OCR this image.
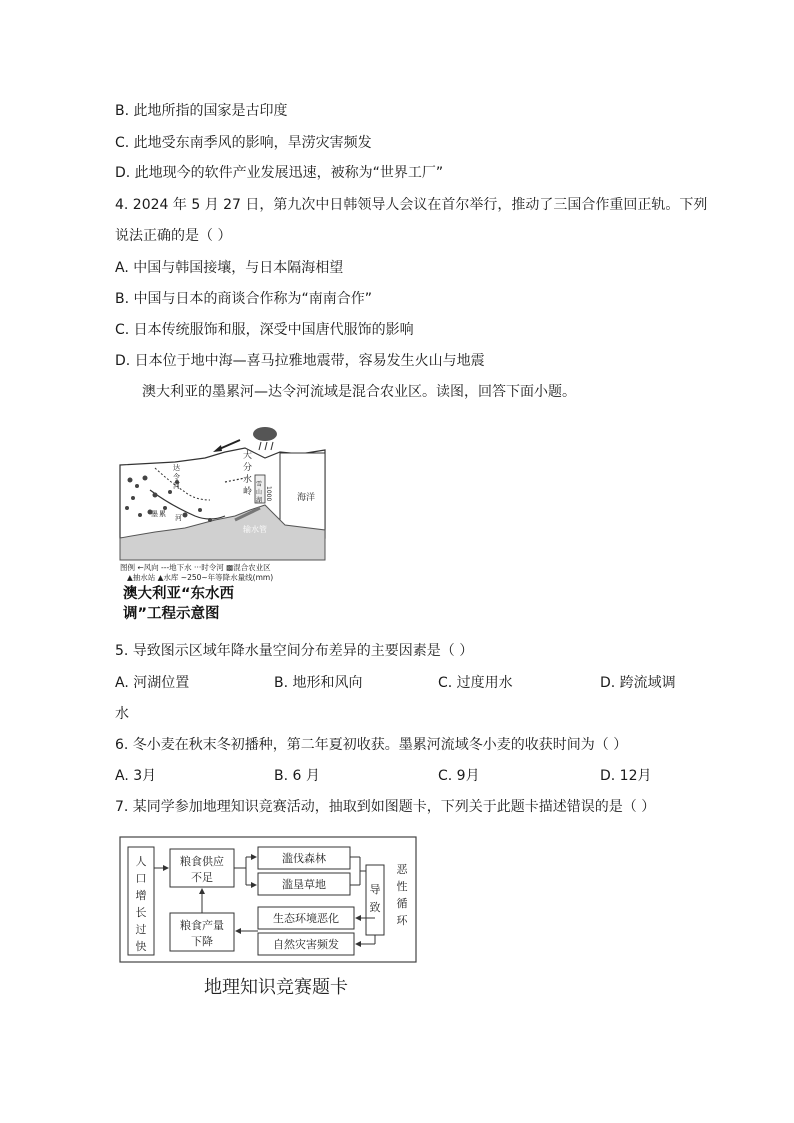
B. 此地所指的国家是古印度
C. 此地受东南季风的影响，旱涝灾害频发
D. 此地现今的软件产业发展迅速，被称为“世界工厂”
4. 2024 年 5 月 27 日，第九次中日韩领导人会议在首尔举行，推动了三国合作重回正轨。下列
说法正确的是（ ）
A. 中国与韩国接壤，与日本隔海相望
B. 中国与日本的商谈合作称为“南南合作”
C. 日本传统服饰和服，深受中国唐代服饰的影响
D. 日本位于地中海—喜马拉雅地震带，容易发生火山与地震
澳大利亚的墨累河—达令河流域是混合农业区。读图，回答下面小题。
大
分
水
岭
海洋
输水管
达
令
河
墨 累 河
雪
山
湖 1000
图例 ←风向 ---地下水 ···时令河 ▩混合农业区
▲抽水站 ▲水库 ~250~年等降水量线(mm)
澳大利亚“东水西
调”工程示意图
5. 导致图示区域年降水量空间分布差异的主要因素是（ ）
A. 河湖位置	B. 地形和风向	C. 过度用水	D. 跨流域调
水
6. 冬小麦在秋末冬初播种，第二年夏初收获。墨累河流域冬小麦的收获时间为（ ）
A. 3月	B. 6 月	C. 9月	D. 12月
7. 某同学参加地理知识竞赛活动，抽取到如图题卡，下列关于此题卡描述错误的是（ ）
人
口
增
长
过
快
粮食供应
不足
滥伐森林
滥垦草地
生态环境恶化
自然灾害频发
粮食产量
下降
导
致
恶
性
循
环
地理知识竞赛题卡
